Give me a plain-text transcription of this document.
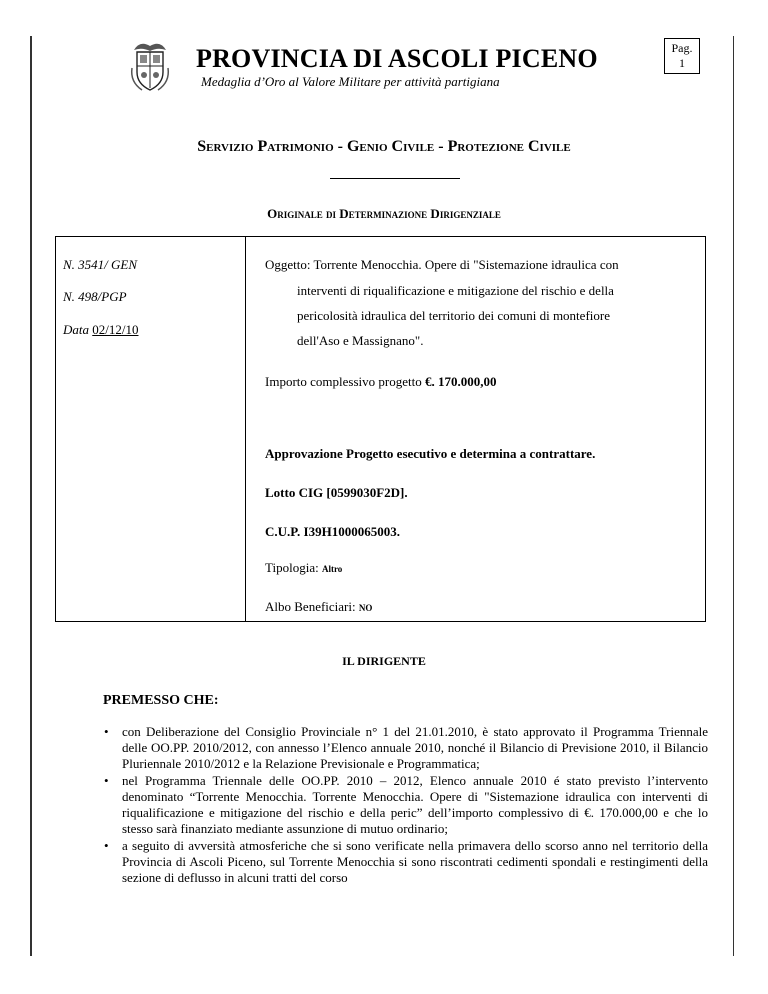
PROVINCIA DI ASCOLI PICENO
Medaglia d’Oro al Valore Militare per attività partigiana
Pag.
1
Servizio Patrimonio - Genio Civile - Protezione Civile
Originale di Determinazione Dirigenziale
N. 3541/ GEN
N. 498/PGP
Data 02/12/10
Oggetto: Torrente Menocchia. Opere di "Sistemazione idraulica con
interventi di riqualificazione e mitigazione del rischio e della
pericolosità idraulica del territorio dei comuni di montefiore
dell'Aso e Massignano".
Importo complessivo progetto €. 170.000,00
Approvazione Progetto esecutivo e determina a contrattare.
Lotto CIG [0599030F2D].
C.U.P. I39H1000065003.
Tipologia: Altro
Albo Beneficiari: NO
IL DIRIGENTE
PREMESSO CHE:
• con Deliberazione del Consiglio Provinciale n° 1 del 21.01.2010, è stato approvato il Programma Triennale delle OO.PP. 2010/2012, con annesso l’Elenco annuale 2010, nonché il Bilancio di Previsione 2010, il Bilancio Pluriennale 2010/2012 e la Relazione Previsionale e Programmatica;
• nel Programma Triennale delle OO.PP. 2010 – 2012, Elenco annuale 2010 é stato previsto l’intervento denominato “Torrente Menocchia. Torrente Menocchia. Opere di "Sistemazione idraulica con interventi di riqualificazione e mitigazione del rischio e della peric” dell’importo complessivo di €. 170.000,00 e che lo stesso sarà finanziato mediante assunzione di mutuo ordinario;
• a seguito di avversità atmosferiche che si sono verificate nella primavera dello scorso anno nel territorio della Provincia di Ascoli Piceno, sul Torrente Menocchia si sono riscontrati cedimenti spondali e restingimenti della sezione di deflusso in alcuni tratti del corso
